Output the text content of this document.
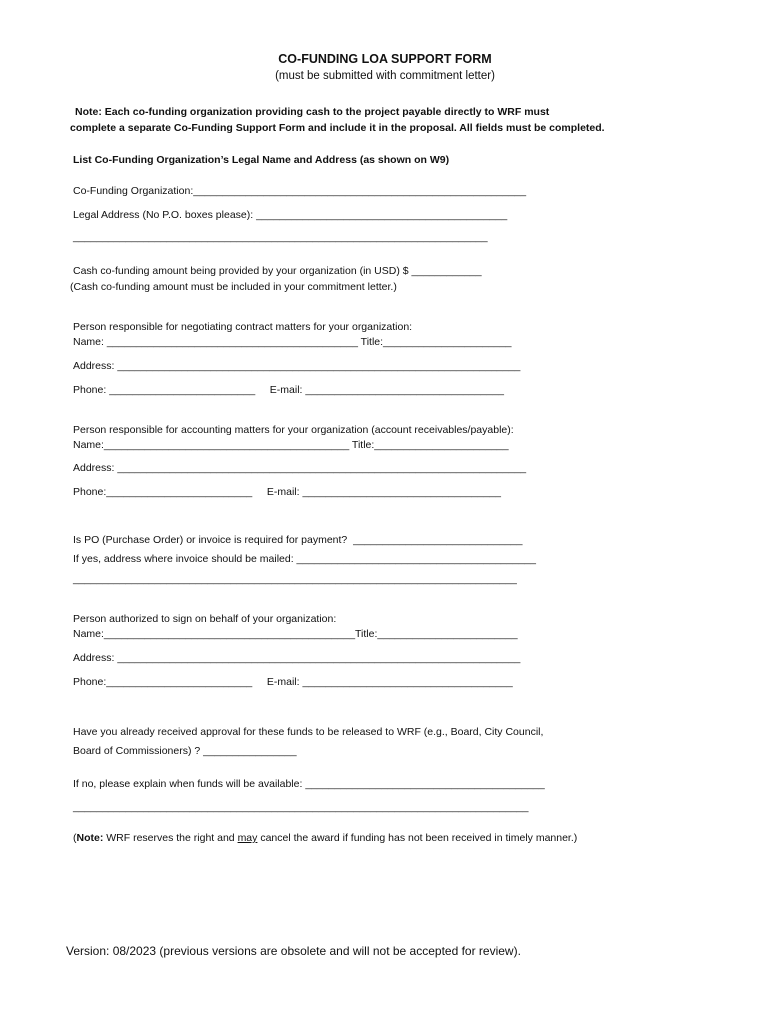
CO-FUNDING LOA SUPPORT FORM
(must be submitted with commitment letter)
Note: Each co-funding organization providing cash to the project payable directly to WRF must
complete a separate Co-Funding Support Form and include it in the proposal. All fields must be completed.
List Co-Funding Organization’s Legal Name and Address (as shown on W9)
Co-Funding Organization:_________________________________________________________
Legal Address (No P.O. boxes please): ___________________________________________
_______________________________________________________________________
Cash co-funding amount being provided by your organization (in USD) $ ____________
(Cash co-funding amount must be included in your commitment letter.)
Person responsible for negotiating contract matters for your organization:
Name: ___________________________________________ Title:______________________
Address: _____________________________________________________________________
Phone: _________________________     E-mail: __________________________________
Person responsible for accounting matters for your organization (account receivables/payable):
Name:__________________________________________ Title:_______________________
Address: ______________________________________________________________________
Phone:_________________________     E-mail: __________________________________
Is PO (Purchase Order) or invoice is required for payment?  _____________________________
If yes, address where invoice should be mailed: _________________________________________
____________________________________________________________________________
Person authorized to sign on behalf of your organization:
Name:___________________________________________Title:________________________
Address: _____________________________________________________________________
Phone:_________________________     E-mail: ____________________________________
Have you already received approval for these funds to be released to WRF (e.g., Board, City Council,
Board of Commissioners) ? ________________
If no, please explain when funds will be available: _________________________________________
______________________________________________________________________________
(Note: WRF reserves the right and may cancel the award if funding has not been received in timely manner.)
Version: 08/2023 (previous versions are obsolete and will not be accepted for review).
